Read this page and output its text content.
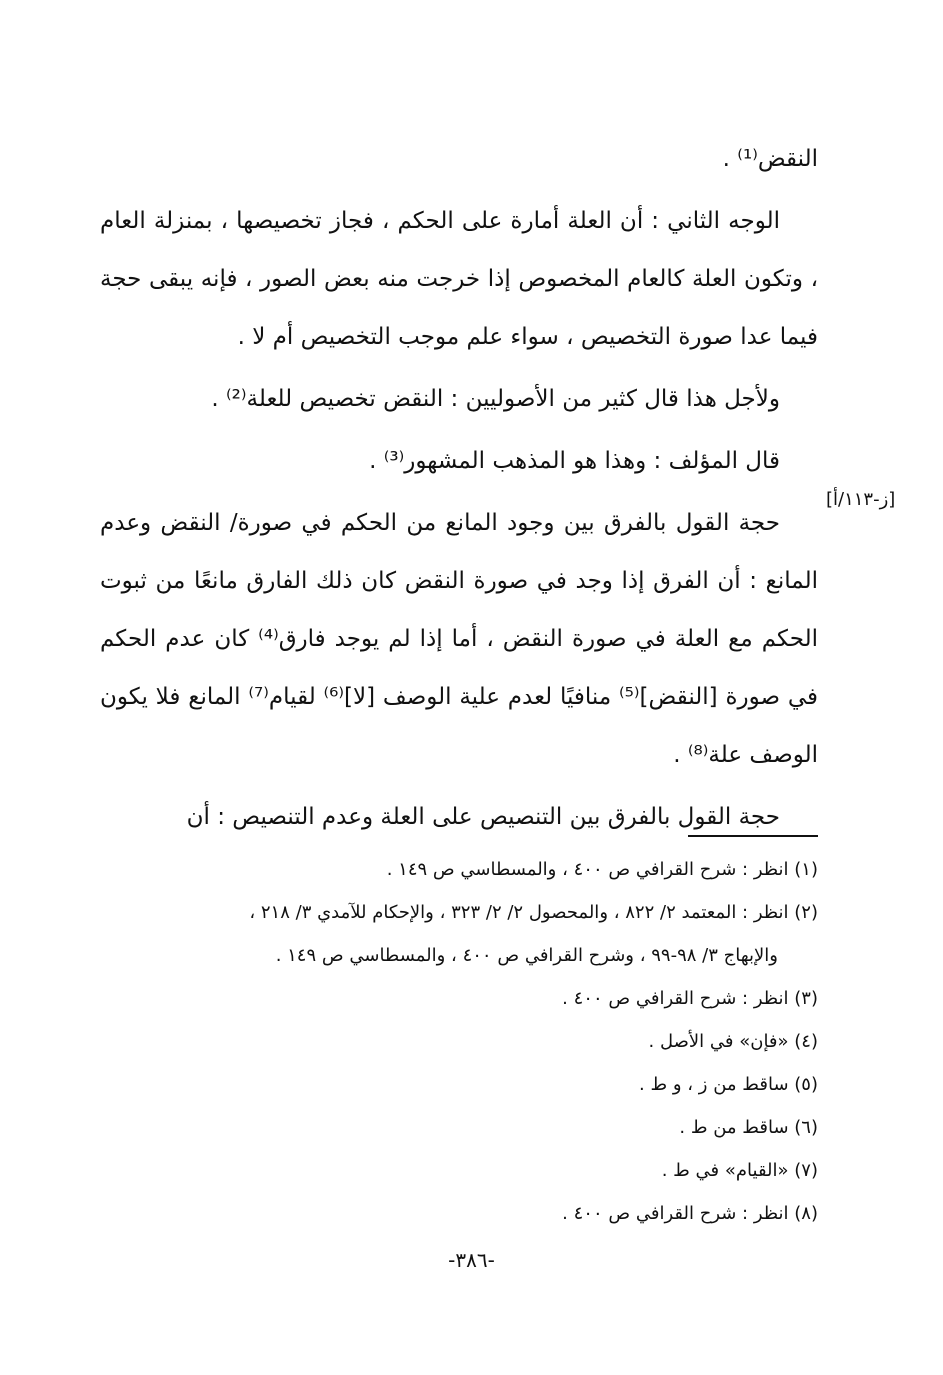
[ز-١١٣/أ]

النقض⁽¹⁾ .

الوجه الثاني : أن العلة أمارة على الحكم ، فجاز تخصيصها ، بمنزلة العام ، وتكون العلة كالعام المخصوص إذا خرجت منه بعض الصور ، فإنه يبقى حجة فيما عدا صورة التخصيص ، سواء علم موجب التخصيص أم لا .

ولأجل هذا قال كثير من الأصوليين : النقض تخصيص للعلة⁽²⁾ .

قال المؤلف : وهذا هو المذهب المشهور⁽³⁾ .

حجة القول بالفرق بين وجود المانع من الحكم في صورة/ النقض وعدم المانع : أن الفرق إذا وجد في صورة النقض كان ذلك الفارق مانعًا من ثبوت الحكم مع العلة في صورة النقض ، أما إذا لم يوجد فارق⁽⁴⁾ كان عدم الحكم في صورة [النقض]⁽⁵⁾ منافيًا لعدم علية الوصف [لا]⁽⁶⁾ لقيام⁽⁷⁾ المانع فلا يكون الوصف علة⁽⁸⁾ .

حجة القول بالفرق بين التنصيص على العلة وعدم التنصيص : أن

(١) انظر : شرح القرافي ص ٤٠٠ ، والمسطاسي ص ١٤٩ .

(٢) انظر : المعتمد ٢/ ٨٢٢ ، والمحصول ٢/ ٢/ ٣٢٣ ، والإحكام للآمدي ٣/ ٢١٨ ،

والإبهاج ٣/ ٩٨-٩٩ ، وشرح القرافي ص ٤٠٠ ، والمسطاسي ص ١٤٩ .

(٣) انظر : شرح القرافي ص ٤٠٠ .

(٤) «فإن» في الأصل .

(٥) ساقط من ز ، و ط .

(٦) ساقط من ط .

(٧) «القيام» في ط .

(٨) انظر : شرح القرافي ص ٤٠٠ .

-٣٨٦-
